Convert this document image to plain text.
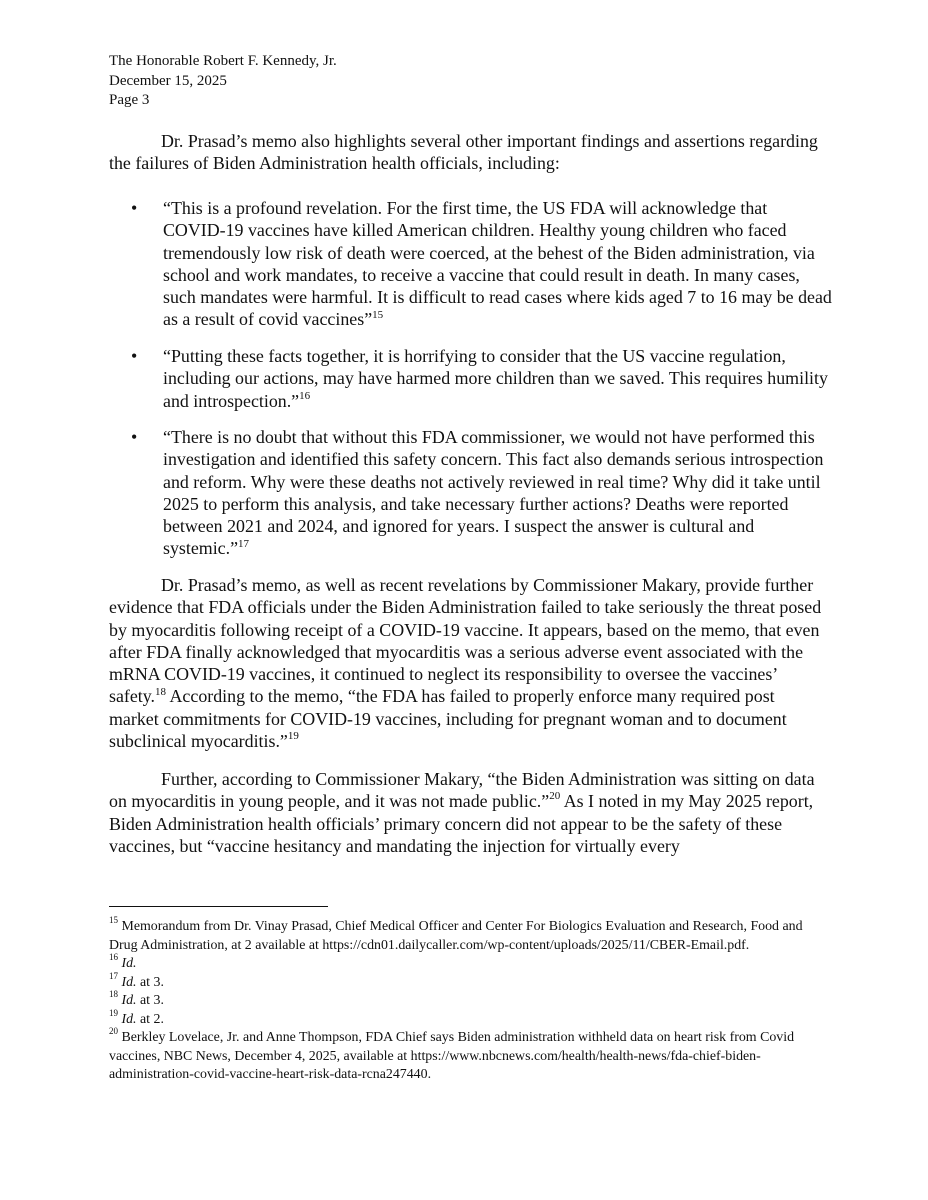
The Honorable Robert F. Kennedy, Jr.
December 15, 2025
Page 3
Dr. Prasad’s memo also highlights several other important findings and assertions regarding the failures of Biden Administration health officials, including:
• “This is a profound revelation. For the first time, the US FDA will acknowledge that COVID-19 vaccines have killed American children. Healthy young children who faced tremendously low risk of death were coerced, at the behest of the Biden administration, via school and work mandates, to receive a vaccine that could result in death. In many cases, such mandates were harmful. It is difficult to read cases where kids aged 7 to 16 may be dead as a result of covid vaccines”$^{15}$
• “Putting these facts together, it is horrifying to consider that the US vaccine regulation, including our actions, may have harmed more children than we saved. This requires humility and introspection.”$^{16}$
• “There is no doubt that without this FDA commissioner, we would not have performed this investigation and identified this safety concern. This fact also demands serious introspection and reform. Why were these deaths not actively reviewed in real time? Why did it take until 2025 to perform this analysis, and take necessary further actions? Deaths were reported between 2021 and 2024, and ignored for years. I suspect the answer is cultural and systemic.”$^{17}$
Dr. Prasad’s memo, as well as recent revelations by Commissioner Makary, provide further evidence that FDA officials under the Biden Administration failed to take seriously the threat posed by myocarditis following receipt of a COVID-19 vaccine. It appears, based on the memo, that even after FDA finally acknowledged that myocarditis was a serious adverse event associated with the mRNA COVID-19 vaccines, it continued to neglect its responsibility to oversee the vaccines’ safety.$^{18}$ According to the memo, “the FDA has failed to properly enforce many required post market commitments for COVID-19 vaccines, including for pregnant woman and to document subclinical myocarditis.”$^{19}$
Further, according to Commissioner Makary, “the Biden Administration was sitting on data on myocarditis in young people, and it was not made public.”$^{20}$ As I noted in my May 2025 report, Biden Administration health officials’ primary concern did not appear to be the safety of these vaccines, but “vaccine hesitancy and mandating the injection for virtually every
$^{15}$ Memorandum from Dr. Vinay Prasad, Chief Medical Officer and Center For Biologics Evaluation and Research, Food and Drug Administration, at 2 available at https://cdn01.dailycaller.com/wp-content/uploads/2025/11/CBER-Email.pdf.
$^{16}$ Id.
$^{17}$ Id. at 3.
$^{18}$ Id. at 3.
$^{19}$ Id. at 2.
$^{20}$ Berkley Lovelace, Jr. and Anne Thompson, FDA Chief says Biden administration withheld data on heart risk from Covid vaccines, NBC News, December 4, 2025, available at https://www.nbcnews.com/health/health-news/fda-chief-biden-administration-covid-vaccine-heart-risk-data-rcna247440.
